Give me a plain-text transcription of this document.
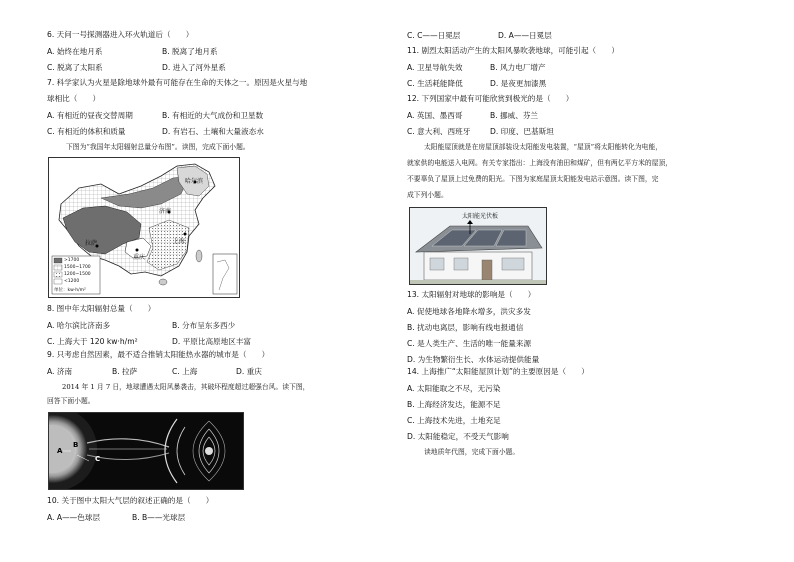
6. 天问一号探测器进入环火轨道后（　　）
A. 始终在地月系	B. 脱离了地月系
C. 脱离了太阳系	D. 进入了河外星系
7. 科学家认为火星是除地球外最有可能存在生命的天体之一。原因是火星与地
球相比（　　）
A. 有相近的昼夜交替周期	B. 有相近的大气成份和卫星数
C. 有相近的体积和质量	D. 有岩石、土壤和大量液态水
下图为“我国年太阳辐射总量分布图”。读图，完成下面小题。
哈尔滨
济南
上海
拉萨
重庆
>1700
1500~1700
1200~1500
<1200
单位：kw·h/m²
8. 图中年太阳辐射总量（　　）
A. 哈尔滨比济南多	B. 分布呈东多西少
C. 上海大于 120 kw·h/m²	D. 平原比高原地区丰富
9. 只考虑自然因素，最不适合推销太阳能热水器的城市是（　　）
A. 济南	B. 拉萨	C. 上海	D. 重庆
2014 年 1 月 7 日，地球遭遇太阳风暴袭击，其破坏程度超过超强台风。读下图，
回答下面小题。
A
B
C
10. 关于图中太阳大气层的叙述正确的是（　　）
A. A——色球层	B. B——光球层
C. C——日冕层	D. A——日冕层
11. 剧烈太阳活动产生的太阳风暴吹袭地球，可能引起（　　）
A. 卫星导航失效	B. 风力电厂增产
C. 生活耗能降低	D. 是夜更加漆黑
12. 下列国家中最有可能欣赏到极光的是（　　）
A. 英国、墨西哥	B. 挪威、芬兰
C. 意大利、西班牙	D. 印度、巴基斯坦
太阳能屋顶就是在房屋顶部装设太阳能发电装置，“屋顶”将太阳能转化为电能，
就家供的电能送入电网。有关专家指出：上海没有油田和煤矿，但有两亿平方米的屋顶，
不要辜负了屋顶上过免费的阳光。下图为家庭屋顶太阳能发电站示意图。读下图，完
成下列小题。
太阳能光伏板
13. 太阳辐射对地球的影响是（　　）
A. 促使地球各地降水增多，洪灾多发
B. 扰动电离层，影响有线电报通信
C. 是人类生产、生活的唯一能量来源
D. 为生物繁衍生长、水体运动提供能量
14. 上海推广“太阳能屋顶计划”的主要原因是（　　）
A. 太阳能取之不尽，无污染
B. 上海经济发达，能源不足
C. 上海技术先进，土地充足
D. 太阳能稳定，不受天气影响
读地质年代图，完成下面小题。
